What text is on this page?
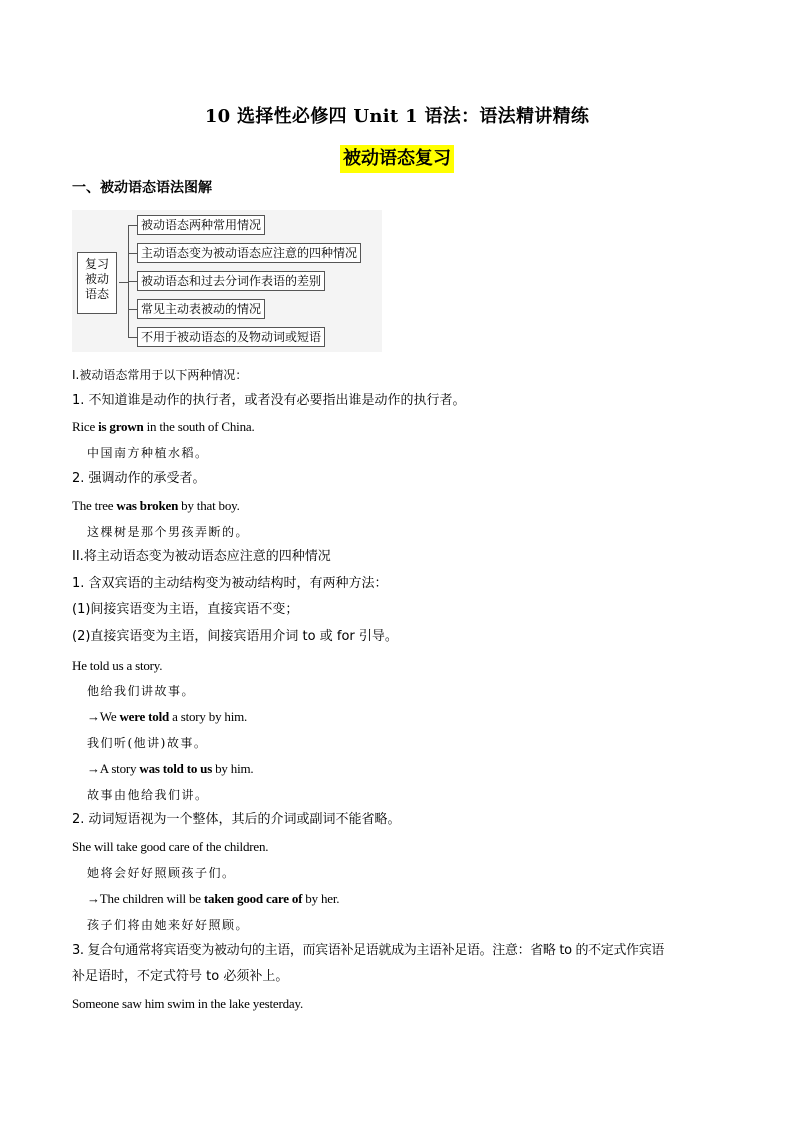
10 选择性必修四 Unit 1 语法：语法精讲精练
被动语态复习
一、被动语态语法图解
复习
被动
语态
被动语态两种常用情况
主动语态变为被动语态应注意的四种情况
被动语态和过去分词作表语的差别
常见主动表被动的情况
不用于被动语态的及物动词或短语
I.被动语态常用于以下两种情况：
1. 不知道谁是动作的执行者，或者没有必要指出谁是动作的执行者。
Rice is grown in the south of China.
中国南方种植水稻。
2. 强调动作的承受者。
The tree was broken by that boy.
这棵树是那个男孩弄断的。
II.将主动语态变为被动语态应注意的四种情况
1. 含双宾语的主动结构变为被动结构时，有两种方法：
(1)间接宾语变为主语，直接宾语不变；
(2)直接宾语变为主语，间接宾语用介词 to 或 for 引导。
He told us a story.
他给我们讲故事。
→We were told a story by him.
我们听(他讲)故事。
→A story was told to us by him.
故事由他给我们讲。
2. 动词短语视为一个整体，其后的介词或副词不能省略。
She will take good care of the children.
她将会好好照顾孩子们。
→The children will be taken good care of by her.
孩子们将由她来好好照顾。
3. 复合句通常将宾语变为被动句的主语，而宾语补足语就成为主语补足语。注意：省略 to 的不定式作宾语
补足语时，不定式符号 to 必须补上。
Someone saw him swim in the lake yesterday.
